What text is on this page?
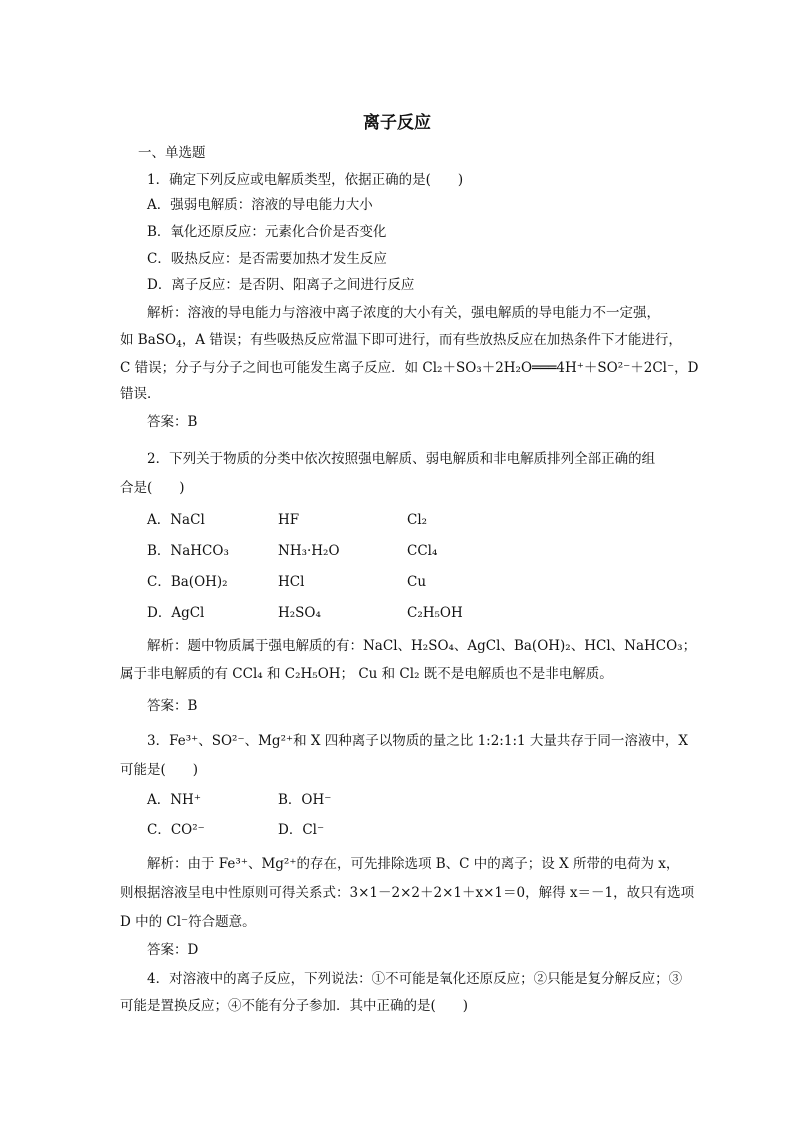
离子反应
一、单选题
1．确定下列反应或电解质类型，依据正确的是(　　)
A．强弱电解质：溶液的导电能力大小
B．氧化还原反应：元素化合价是否变化
C．吸热反应：是否需要加热才发生反应
D．离子反应：是否阴、阳离子之间进行反应
解析：溶液的导电能力与溶液中离子浓度的大小有关，强电解质的导电能力不一定强，
如 BaSO$_4$，A 错误；有些吸热反应常温下即可进行，而有些放热反应在加热条件下才能进行，
C 错误；分子与分子之间也可能发生离子反应．如 Cl₂＋SO₃＋2H₂O═══4H⁺＋SO²⁻＋2Cl⁻，D
错误．
答案：B
2．下列关于物质的分类中依次按照强电解质、弱电解质和非电解质排列全部正确的组
合是(　　)
A．NaCl	HF	Cl₂
B．NaHCO₃	NH₃·H₂O	CCl₄
C．Ba(OH)₂	HCl	Cu
D．AgCl	H₂SO₄	C₂H₅OH
解析：题中物质属于强电解质的有：NaCl、H₂SO₄、AgCl、Ba(OH)₂、HCl、NaHCO₃；
属于非电解质的有 CCl₄ 和 C₂H₅OH； Cu 和 Cl₂ 既不是电解质也不是非电解质。
答案：B
3．Fe³⁺、SO²⁻、Mg²⁺和 X 四种离子以物质的量之比 1:2:1:1 大量共存于同一溶液中，X
可能是(　　)
A．NH⁺	B．OH⁻
C．CO²⁻	D．Cl⁻
解析：由于 Fe³⁺、Mg²⁺的存在，可先排除选项 B、C 中的离子；设 X 所带的电荷为 x，
则根据溶液呈电中性原则可得关系式：3×1－2×2＋2×1＋x×1＝0，解得 x＝－1，故只有选项
D 中的 Cl⁻符合题意。
答案：D
4．对溶液中的离子反应，下列说法：①不可能是氧化还原反应；②只能是复分解反应；③
可能是置换反应；④不能有分子参加．其中正确的是(　　)
